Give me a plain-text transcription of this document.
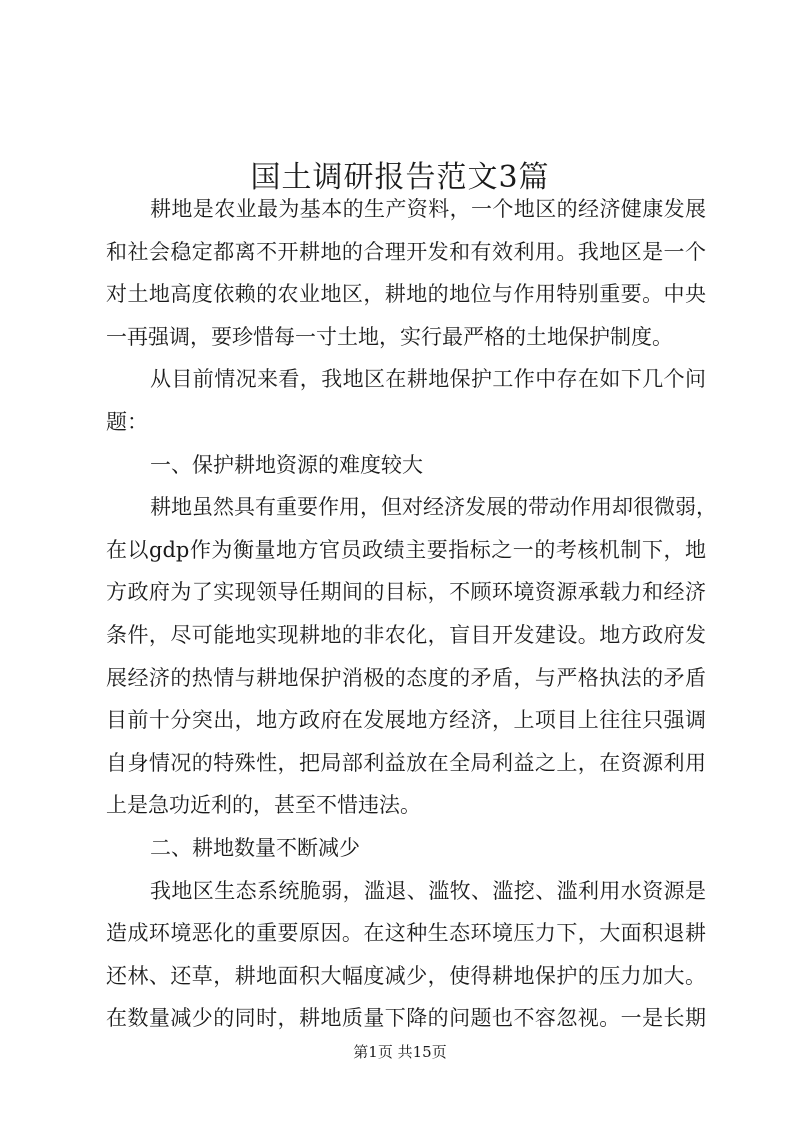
国土调研报告范文3篇
耕地是农业最为基本的生产资料，一个地区的经济健康发展
和社会稳定都离不开耕地的合理开发和有效利用。我地区是一个
对土地高度依赖的农业地区，耕地的地位与作用特别重要。中央
一再强调，要珍惜每一寸土地，实行最严格的土地保护制度。
从目前情况来看，我地区在耕地保护工作中存在如下几个问
题：
一、保护耕地资源的难度较大
耕地虽然具有重要作用，但对经济发展的带动作用却很微弱，
在以gdp作为衡量地方官员政绩主要指标之一的考核机制下，地
方政府为了实现领导任期间的目标，不顾环境资源承载力和经济
条件，尽可能地实现耕地的非农化，盲目开发建设。地方政府发
展经济的热情与耕地保护消极的态度的矛盾，与严格执法的矛盾
目前十分突出，地方政府在发展地方经济，上项目上往往只强调
自身情况的特殊性，把局部利益放在全局利益之上，在资源利用
上是急功近利的，甚至不惜违法。
二、耕地数量不断减少
我地区生态系统脆弱，滥退、滥牧、滥挖、滥利用水资源是
造成环境恶化的重要原因。在这种生态环境压力下，大面积退耕
还林、还草，耕地面积大幅度减少，使得耕地保护的压力加大。
在数量减少的同时，耕地质量下降的问题也不容忽视。一是长期
第1页 共15页
